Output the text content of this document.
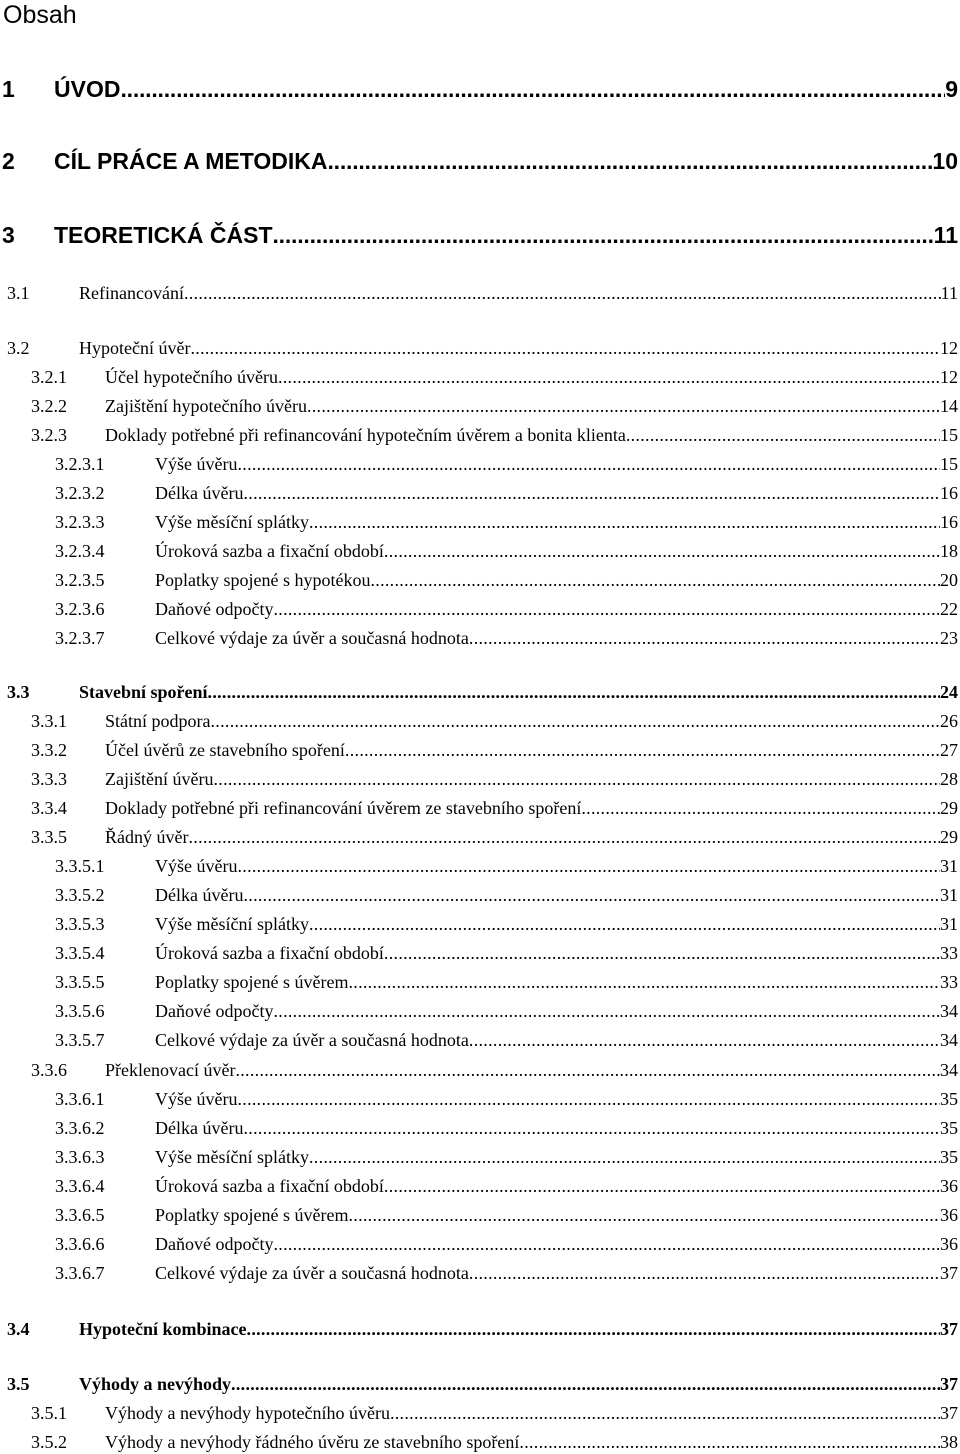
Obsah
1	ÚVOD . . .	9
2	CÍL PRÁCE A METODIKA . . .	10
3	TEORETICKÁ ČÁST . . .	11
3.1	Refinancování . . .	11
3.2	Hypoteční úvěr . . .	12
3.2.1	Účel hypotečního úvěru . . .	12
3.2.2	Zajištění hypotečního úvěru . . .	14
3.2.3	Doklady potřebné při refinancování hypotečním úvěrem a bonita klienta . . .	15
3.2.3.1	Výše úvěru . . .	15
3.2.3.2	Délka úvěru . . .	16
3.2.3.3	Výše měsíční splátky . . .	16
3.2.3.4	Úroková sazba a fixační období . . .	18
3.2.3.5	Poplatky spojené s hypotékou . . .	20
3.2.3.6	Daňové odpočty . . .	22
3.2.3.7	Celkové výdaje za úvěr a současná hodnota . . .	23
3.3	Stavební spoření . . .	24
3.3.1	Státní podpora . . .	26
3.3.2	Účel úvěrů ze stavebního spoření . . .	27
3.3.3	Zajištění úvěru . . .	28
3.3.4	Doklady potřebné při refinancování úvěrem ze stavebního spoření . . .	29
3.3.5	Řádný úvěr . . .	29
3.3.5.1	Výše úvěru . . .	31
3.3.5.2	Délka úvěru . . .	31
3.3.5.3	Výše měsíční splátky . . .	31
3.3.5.4	Úroková sazba a fixační období . . .	33
3.3.5.5	Poplatky spojené s úvěrem . . .	33
3.3.5.6	Daňové odpočty . . .	34
3.3.5.7	Celkové výdaje za úvěr a současná hodnota . . .	34
3.3.6	Překlenovací úvěr . . .	34
3.3.6.1	Výše úvěru . . .	35
3.3.6.2	Délka úvěru . . .	35
3.3.6.3	Výše měsíční splátky . . .	35
3.3.6.4	Úroková sazba a fixační období . . .	36
3.3.6.5	Poplatky spojené s úvěrem . . .	36
3.3.6.6	Daňové odpočty . . .	36
3.3.6.7	Celkové výdaje za úvěr a současná hodnota . . .	37
3.4	Hypoteční kombinace . . .	37
3.5	Výhody a nevýhody . . .	37
3.5.1	Výhody a nevýhody hypotečního úvěru . . .	37
3.5.2	Výhody a nevýhody řádného úvěru ze stavebního spoření . . .	38
